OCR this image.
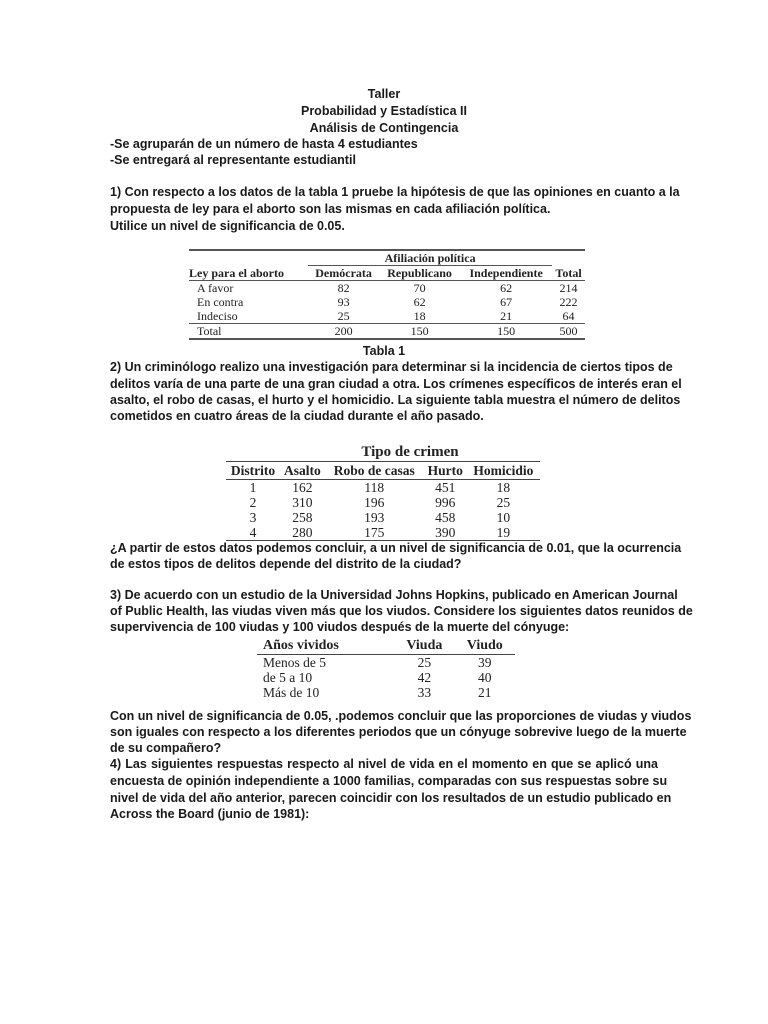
Taller
Probabilidad y Estadística II
Análisis de Contingencia
-Se agruparán de un número de hasta 4 estudiantes
-Se entregará al representante estudiantil
1) Con respecto a los datos de la tabla 1 pruebe la hipótesis de que las opiniones en cuanto a la
propuesta de ley para el aborto son las mismas en cada afiliación política.
Utilice un nivel de significancia de 0.05.
	Afiliación política			
Ley para el aborto	Demócrata	Republicano	Independiente	Total
A favor	82	70	62	214
En contra	93	62	67	222
Indeciso	25	18	21	64
Total	200	150	150	500
Tabla 1
2) Un criminólogo realizo una investigación para determinar si la incidencia de ciertos tipos de
delitos varía de una parte de una gran ciudad a otra. Los crímenes específicos de interés eran el
asalto, el robo de casas, el hurto y el homicidio. La siguiente tabla muestra el número de delitos
cometidos en cuatro áreas de la ciudad durante el año pasado.
	Tipo de crimen			
Distrito	Asalto	Robo de casas	Hurto	Homicidio
1	162	118	451	18
2	310	196	996	25
3	258	193	458	10
4	280	175	390	19
¿A partir de estos datos podemos concluir, a un nivel de significancia de 0.01, que la ocurrencia
de estos tipos de delitos depende del distrito de la ciudad?
3) De acuerdo con un estudio de la Universidad Johns Hopkins, publicado en American Journal
of Public Health, las viudas viven más que los viudos. Considere los siguientes datos reunidos de
supervivencia de 100 viudas y 100 viudos después de la muerte del cónyuge:
Años vividos	Viuda	Viudo
Menos de 5	25	39
de 5 a 10	42	40
Más de 10	33	21
Con un nivel de significancia de 0.05, .podemos concluir que las proporciones de viudas y viudos
son iguales con respecto a los diferentes periodos que un cónyuge sobrevive luego de la muerte
de su compañero?
4) Las siguientes respuestas respecto al nivel de vida en el momento en que se aplicó una
encuesta de opinión independiente a 1000 familias, comparadas con sus respuestas sobre su
nivel de vida del año anterior, parecen coincidir con los resultados de un estudio publicado en
Across the Board (junio de 1981):
